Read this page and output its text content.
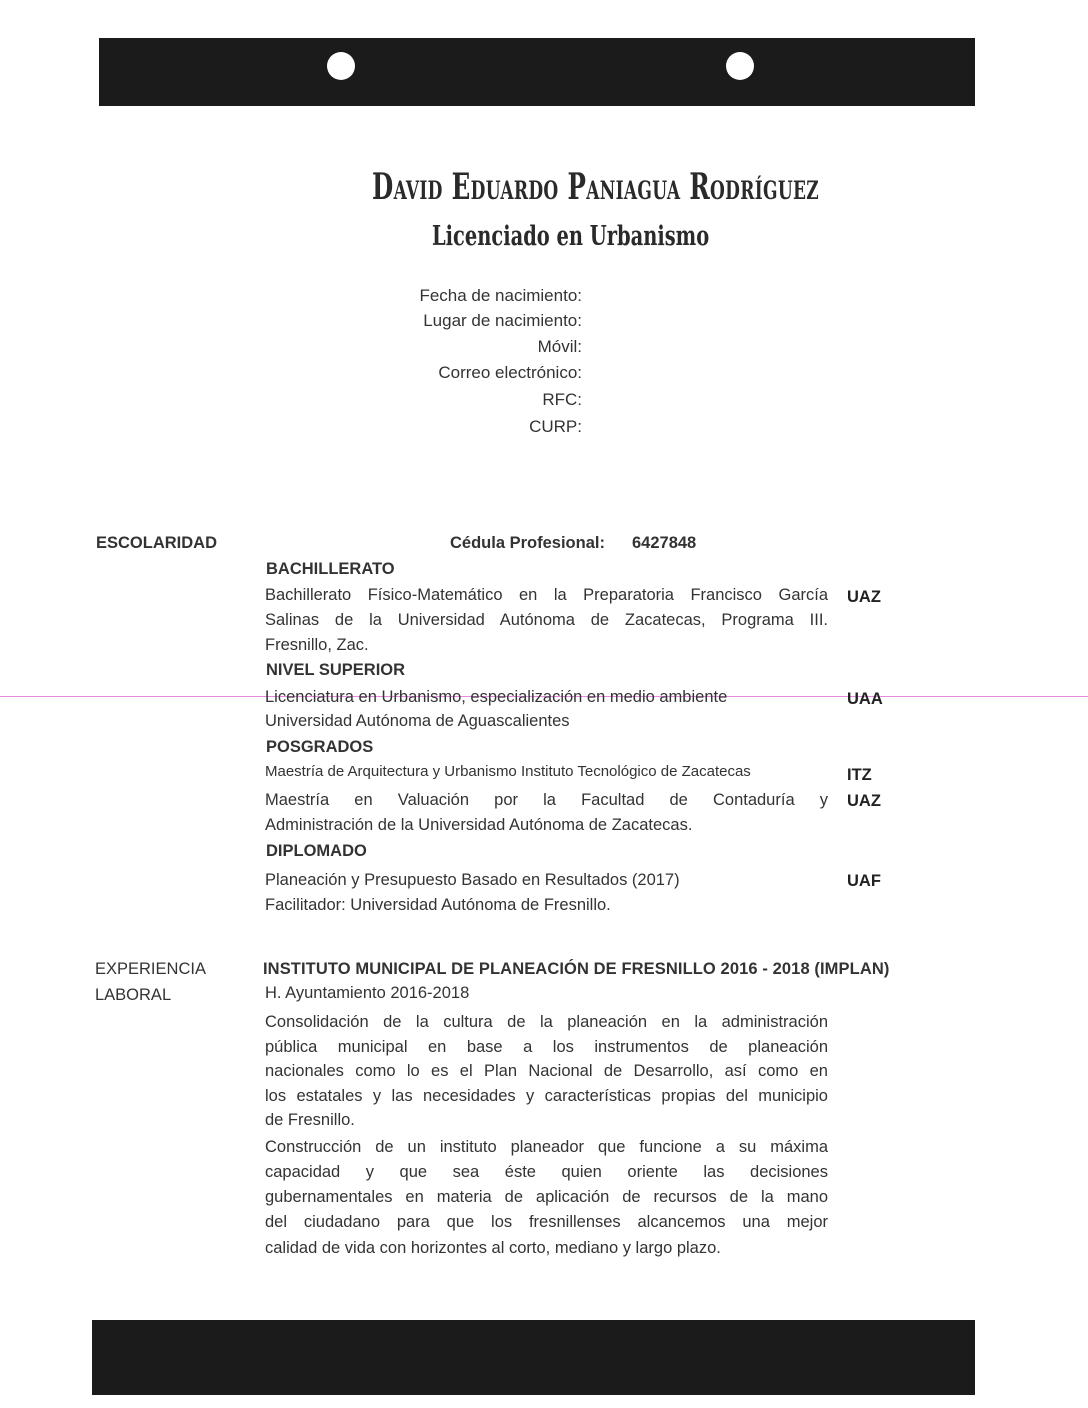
David Eduardo Paniagua Rodríguez
Licenciado en Urbanismo
Fecha de nacimiento:
Lugar de nacimiento:
Móvil:
Correo electrónico:
RFC:
CURP:
ESCOLARIDAD	Cédula Profesional: 6427848
BACHILLERATO
Bachillerato Físico-Matemático en la Preparatoria Francisco García
Salinas de la Universidad Autónoma de Zacatecas, Programa III.
Fresnillo, Zac.
UAZ
NIVEL SUPERIOR
Licenciatura en Urbanismo, especialización en medio ambiente
Universidad Autónoma de Aguascalientes
UAA
POSGRADOS
Maestría de Arquitectura y Urbanismo Instituto Tecnológico de Zacatecas	ITZ
Maestría en Valuación por la Facultad de Contaduría y
Administración de la Universidad Autónoma de Zacatecas.
UAZ
DIPLOMADO
Planeación y Presupuesto Basado en Resultados (2017)
Facilitador: Universidad Autónoma de Fresnillo.
UAF
EXPERIENCIA
LABORAL
INSTITUTO MUNICIPAL DE PLANEACIÓN DE FRESNILLO 2016 - 2018 (IMPLAN)
H. Ayuntamiento 2016-2018
Consolidación de la cultura de la planeación en la administración
pública municipal en base a los instrumentos de planeación
nacionales como lo es el Plan Nacional de Desarrollo, así como en
los estatales y las necesidades y características propias del municipio
de Fresnillo.
Construcción de un instituto planeador que funcione a su máxima
capacidad y que sea éste quien oriente las decisiones
gubernamentales en materia de aplicación de recursos de la mano
del ciudadano para que los fresnillenses alcancemos una mejor
calidad de vida con horizontes al corto, mediano y largo plazo.
